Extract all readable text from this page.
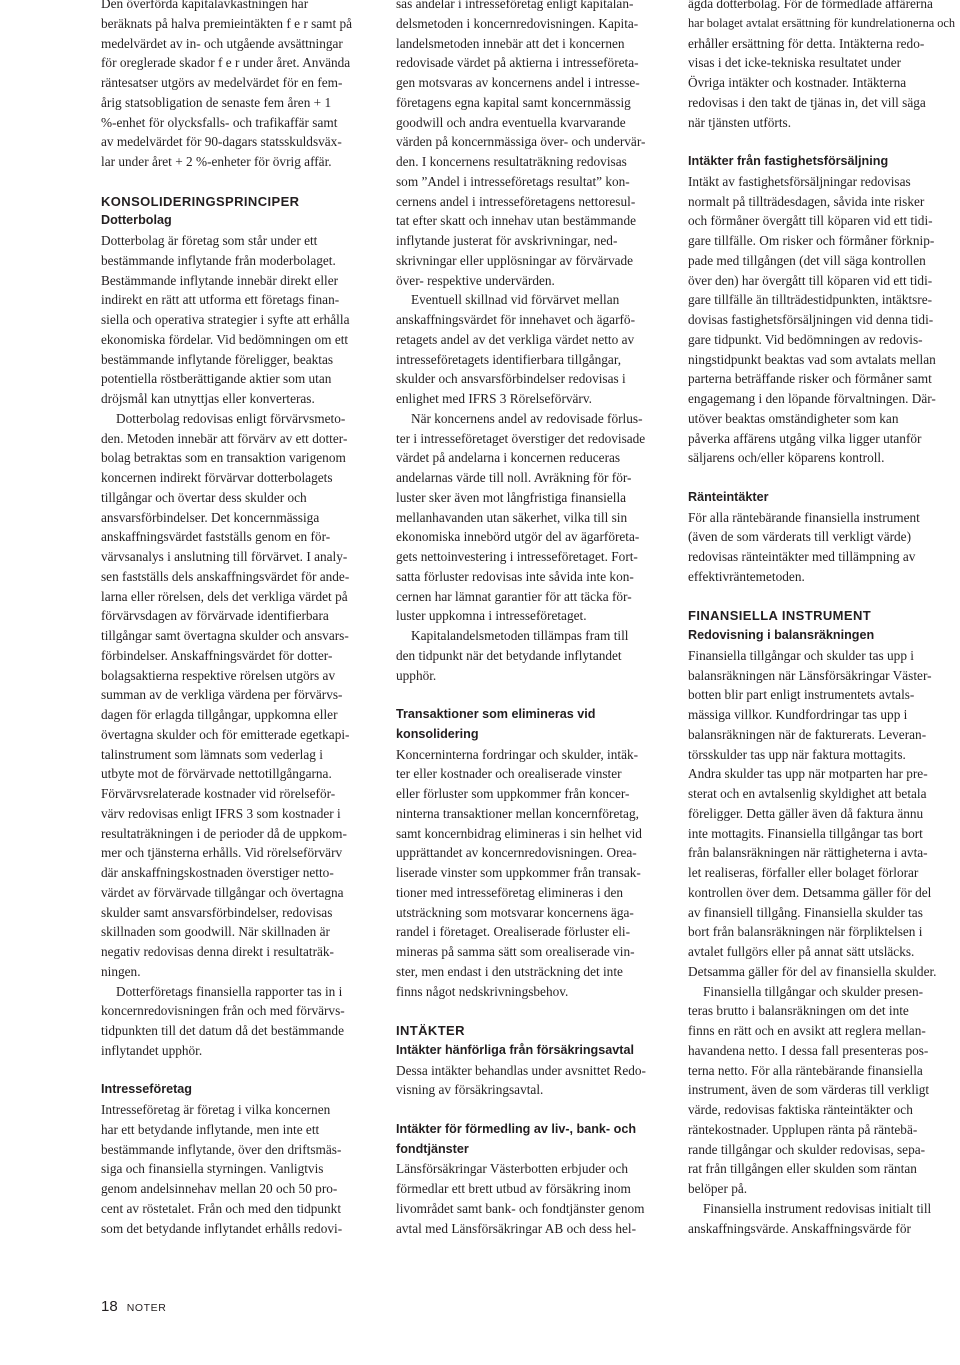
Den överförda kapitalavkastningen har
beräknats på halva premieintäkten f e r samt på
medelvärdet av in- och utgående avsättningar
för oreglerade skador f e r under året. Använda
räntesatser utgörs av medelvärdet för en fem-
årig statsobligation de senaste fem åren + 1
%-enhet för olycksfalls- och trafikaffär samt
av medelvärdet för 90-dagars statsskuldsväx-
lar under året + 2 %-enheter för övrig affär.
KONSOLIDERINGSPRINCIPER
Dotterbolag
Dotterbolag är företag som står under ett
bestämmande inflytande från moderbolaget.
Bestämmande inflytande innebär direkt eller
indirekt en rätt att utforma ett företags finan-
siella och operativa strategier i syfte att erhålla
ekonomiska fördelar. Vid bedömningen om ett
bestämmande inflytande föreligger, beaktas
potentiella röstberättigande aktier som utan
dröjsmål kan utnyttjas eller konverteras.
Dotterbolag redovisas enligt förvärvsmeto-
den. Metoden innebär att förvärv av ett dotter-
bolag betraktas som en transaktion varigenom
koncernen indirekt förvärvar dotterbolagets
tillgångar och övertar dess skulder och
ansvarsförbindelser. Det koncernmässiga
anskaffningsvärdet fastställs genom en för-
värvsanalys i anslutning till förvärvet. I analy-
sen fastställs dels anskaffningsvärdet för ande-
larna eller rörelsen, dels det verkliga värdet på
förvärvsdagen av förvärvade identifierbara
tillgångar samt övertagna skulder och ansvars-
förbindelser. Anskaffningsvärdet för dotter-
bolagsaktierna respektive rörelsen utgörs av
summan av de verkliga värdena per förvärvs-
dagen för erlagda tillgångar, uppkomna eller
övertagna skulder och för emitterade egetkapi-
talinstrument som lämnats som vederlag i
utbyte mot de förvärvade nettotillgångarna.
Förvärvsrelaterade kostnader vid rörelseför-
värv redovisas enligt IFRS 3 som kostnader i
resultaträkningen i de perioder då de uppkom-
mer och tjänsterna erhålls. Vid rörelseförvärv
där anskaffningskostnaden överstiger netto-
värdet av förvärvade tillgångar och övertagna
skulder samt ansvarsförbindelser, redovisas
skillnaden som goodwill. När skillnaden är
negativ redovisas denna direkt i resultaträk-
ningen.
Dotterföretags finansiella rapporter tas in i
koncernredovisningen från och med förvärvs-
tidpunkten till det datum då det bestämmande
inflytandet upphör.
Intresseföretag
Intresseföretag är företag i vilka koncernen
har ett betydande inflytande, men inte ett
bestämmande inflytande, över den driftsmäs-
siga och finansiella styrningen. Vanligtvis
genom andelsinnehav mellan 20 och 50 pro-
cent av röstetalet. Från och med den tidpunkt
som det betydande inflytandet erhålls redovi-
sas andelar i intresseföretag enligt kapitalan-
delsmetoden i koncernredovisningen. Kapita-
landelsmetoden innebär att det i koncernen
redovisade värdet på aktierna i intresseföreta-
gen motsvaras av koncernens andel i intresse-
företagens egna kapital samt koncernmässig
goodwill och andra eventuella kvarvarande
värden på koncernmässiga över- och undervär-
den. I koncernens resultaträkning redovisas
som ”Andel i intresseföretags resultat” kon-
cernens andel i intresseföretagens nettoresul-
tat efter skatt och innehav utan bestämmande
inflytande justerat för avskrivningar, ned-
skrivningar eller upplösningar av förvärvade
över- respektive undervärden.
Eventuell skillnad vid förvärvet mellan
anskaffningsvärdet för innehavet och ägarfö-
retagets andel av det verkliga värdet netto av
intresseföretagets identifierbara tillgångar,
skulder och ansvarsförbindelser redovisas i
enlighet med IFRS 3 Rörelseförvärv.
När koncernens andel av redovisade förlus-
ter i intresseföretaget överstiger det redovisade
värdet på andelarna i koncernen reduceras
andelarnas värde till noll. Avräkning för för-
luster sker även mot långfristiga finansiella
mellanhavanden utan säkerhet, vilka till sin
ekonomiska innebörd utgör del av ägarföreta-
gets nettoinvestering i intresseföretaget. Fort-
satta förluster redovisas inte såvida inte kon-
cernen har lämnat garantier för att täcka för-
luster uppkomna i intresseföretaget.
Kapitalandelsmetoden tillämpas fram till
den tidpunkt när det betydande inflytandet
upphör.
Transaktioner som elimineras vid
konsolidering
Koncerninterna fordringar och skulder, intäk-
ter eller kostnader och orealiserade vinster
eller förluster som uppkommer från koncer-
ninterna transaktioner mellan koncernföretag,
samt koncernbidrag elimineras i sin helhet vid
upprättandet av koncernredovisningen. Orea-
liserade vinster som uppkommer från transak-
tioner med intresseföretag elimineras i den
utsträckning som motsvarar koncernens äga-
randel i företaget. Orealiserade förluster eli-
mineras på samma sätt som orealiserade vin-
ster, men endast i den utsträckning det inte
finns något nedskrivningsbehov.
INTÄKTER
Intäkter hänförliga från försäkringsavtal
Dessa intäkter behandlas under avsnittet Redo-
visning av försäkringsavtal.
Intäkter för förmedling av liv-, bank- och
fondtjänster
Länsförsäkringar Västerbotten erbjuder och
förmedlar ett brett utbud av försäkring inom
livområdet samt bank- och fondtjänster genom
avtal med Länsförsäkringar AB och dess hel-
ägda dotterbolag. För de förmedlade affärerna
har bolaget avtalat ersättning för kundrelationerna och
erhåller ersättning för detta. Intäkterna redo-
visas i det icke-tekniska resultatet under
Övriga intäkter och kostnader. Intäkterna
redovisas i den takt de tjänas in, det vill säga
när tjänsten utförts.
Intäkter från fastighetsförsäljning
Intäkt av fastighetsförsäljningar redovisas
normalt på tillträdesdagen, såvida inte risker
och förmåner övergått till köparen vid ett tidi-
gare tillfälle. Om risker och förmåner förknip-
pade med tillgången (det vill säga kontrollen
över den) har övergått till köparen vid ett tidi-
gare tillfälle än tillträdestidpunkten, intäktsre-
dovisas fastighetsförsäljningen vid denna tidi-
gare tidpunkt. Vid bedömningen av redovis-
ningstidpunkt beaktas vad som avtalats mellan
parterna beträffande risker och förmåner samt
engagemang i den löpande förvaltningen. Där-
utöver beaktas omständigheter som kan
påverka affärens utgång vilka ligger utanför
säljarens och/eller köparens kontroll.
Ränteintäkter
För alla räntebärande finansiella instrument
(även de som värderats till verkligt värde)
redovisas ränteintäkter med tillämpning av
effektivräntemetoden.
FINANSIELLA INSTRUMENT
Redovisning i balansräkningen
Finansiella tillgångar och skulder tas upp i
balansräkningen när Länsförsäkringar Väster-
botten blir part enligt instrumentets avtals-
mässiga villkor. Kundfordringar tas upp i
balansräkningen när de fakturerats. Leveran-
törsskulder tas upp när faktura mottagits.
Andra skulder tas upp när motparten har pre-
sterat och en avtalsenlig skyldighet att betala
föreligger. Detta gäller även då faktura ännu
inte mottagits. Finansiella tillgångar tas bort
från balansräkningen när rättigheterna i avta-
let realiseras, förfaller eller bolaget förlorar
kontrollen över dem. Detsamma gäller för del
av finansiell tillgång. Finansiella skulder tas
bort från balansräkningen när förpliktelsen i
avtalet fullgörs eller på annat sätt utsläcks.
Detsamma gäller för del av finansiella skulder.
Finansiella tillgångar och skulder presen-
teras brutto i balansräkningen om det inte
finns en rätt och en avsikt att reglera mellan-
havandena netto. I dessa fall presenteras pos-
terna netto. För alla räntebärande finansiella
instrument, även de som värderas till verkligt
värde, redovisas faktiska ränteintäkter och
räntekostnader. Upplupen ränta på räntebä-
rande tillgångar och skulder redovisas, sepa-
rat från tillgången eller skulden som räntan
belöper på.
Finansiella instrument redovisas initialt till
anskaffningsvärde. Anskaffningsvärde för
18 NOTER
